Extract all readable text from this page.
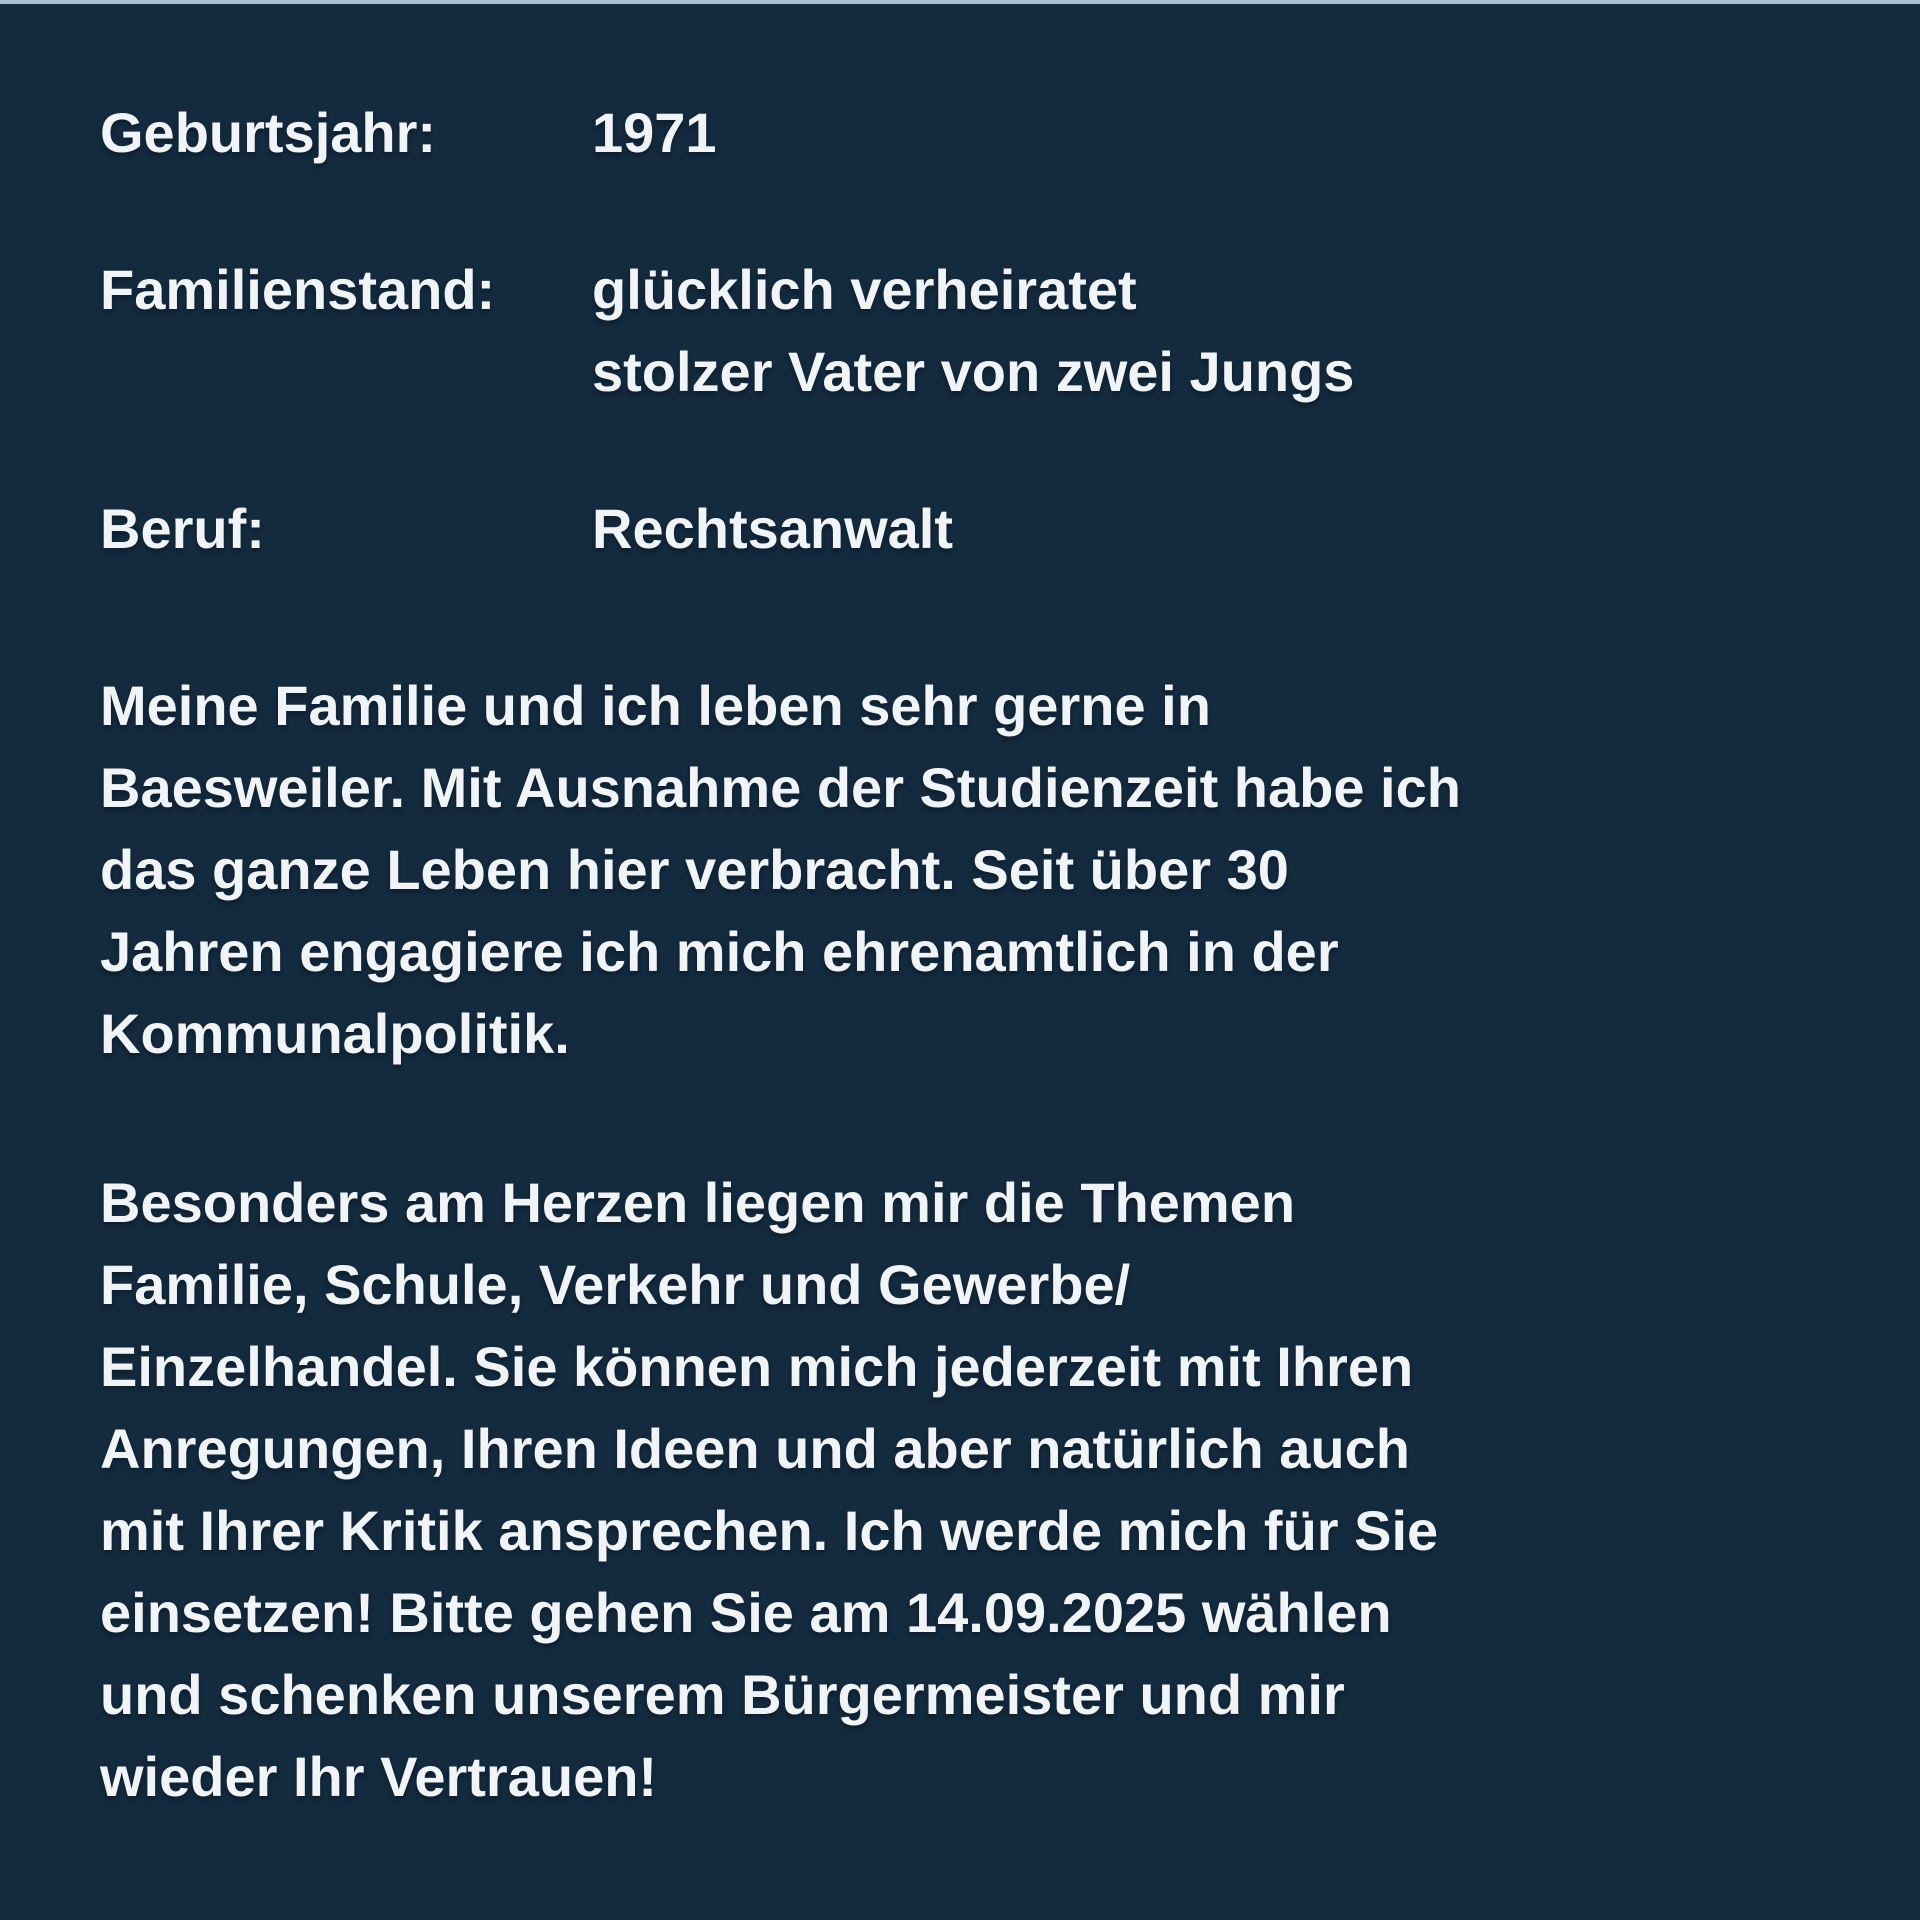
Geburtsjahr:	1971
Familienstand:	glücklich verheiratet
stolzer Vater von zwei Jungs
Beruf:	Rechtsanwalt
Meine Familie und ich leben sehr gerne in
Baesweiler. Mit Ausnahme der Studienzeit habe ich
das ganze Leben hier verbracht. Seit über 30
Jahren engagiere ich mich ehrenamtlich in der
Kommunalpolitik.
Besonders am Herzen liegen mir die Themen
Familie, Schule, Verkehr und Gewerbe/
Einzelhandel. Sie können mich jederzeit mit Ihren
Anregungen, Ihren Ideen und aber natürlich auch
mit Ihrer Kritik ansprechen. Ich werde mich für Sie
einsetzen! Bitte gehen Sie am 14.09.2025 wählen
und schenken unserem Bürgermeister und mir
wieder Ihr Vertrauen!
